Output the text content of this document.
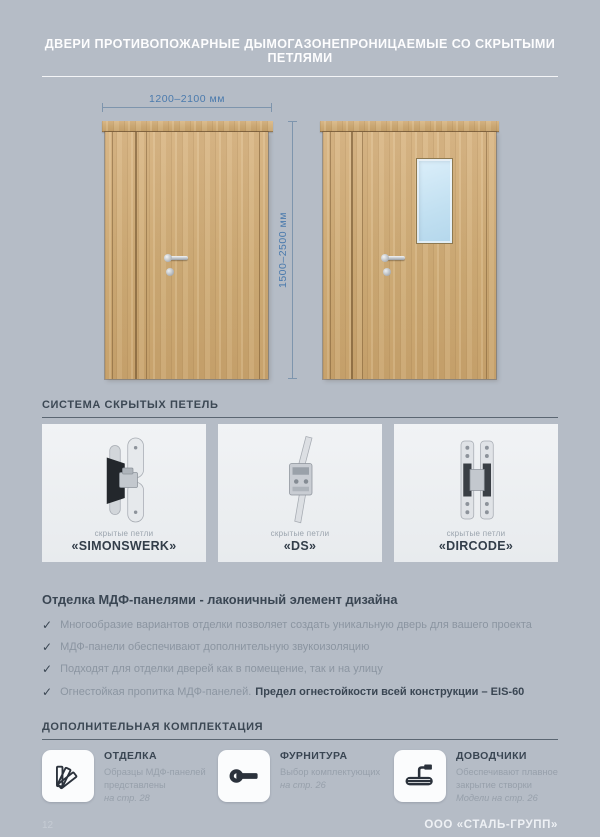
ДВЕРИ ПРОТИВОПОЖАРНЫЕ ДЫМОГАЗОНЕПРОНИЦАЕМЫЕ СО СКРЫТЫМИ ПЕТЛЯМИ
1200–2100 мм
1500–2500 мм
СИСТЕМА СКРЫТЫХ ПЕТЕЛЬ
скрытые петли
«SIMONSWERK»
скрытые петли
«DS»
скрытые петли
«DIRCODE»
Отделка МДФ-панелями - лаконичный элемент дизайна
✓ Многообразие вариантов отделки позволяет создать уникальную дверь для вашего проекта
✓ МДФ-панели обеспечивают дополнительную звукоизоляцию
✓ Подходят для отделки дверей как в помещение, так и на улицу
✓ Огнестойкая пропитка МДФ-панелей. Предел огнестойкости всей конструкции – EIS-60
ДОПОЛНИТЕЛЬНАЯ КОМПЛЕКТАЦИЯ
ОТДЕЛКА
Образцы МДФ-панелей
представлены
на стр. 28
ФУРНИТУРА
Выбор комплектующих
на стр. 26
ДОВОДЧИКИ
Обеспечивают плавное
закрытие створки
Модели на стр. 26
12	ООО «СТАЛЬ-ГРУПП»
